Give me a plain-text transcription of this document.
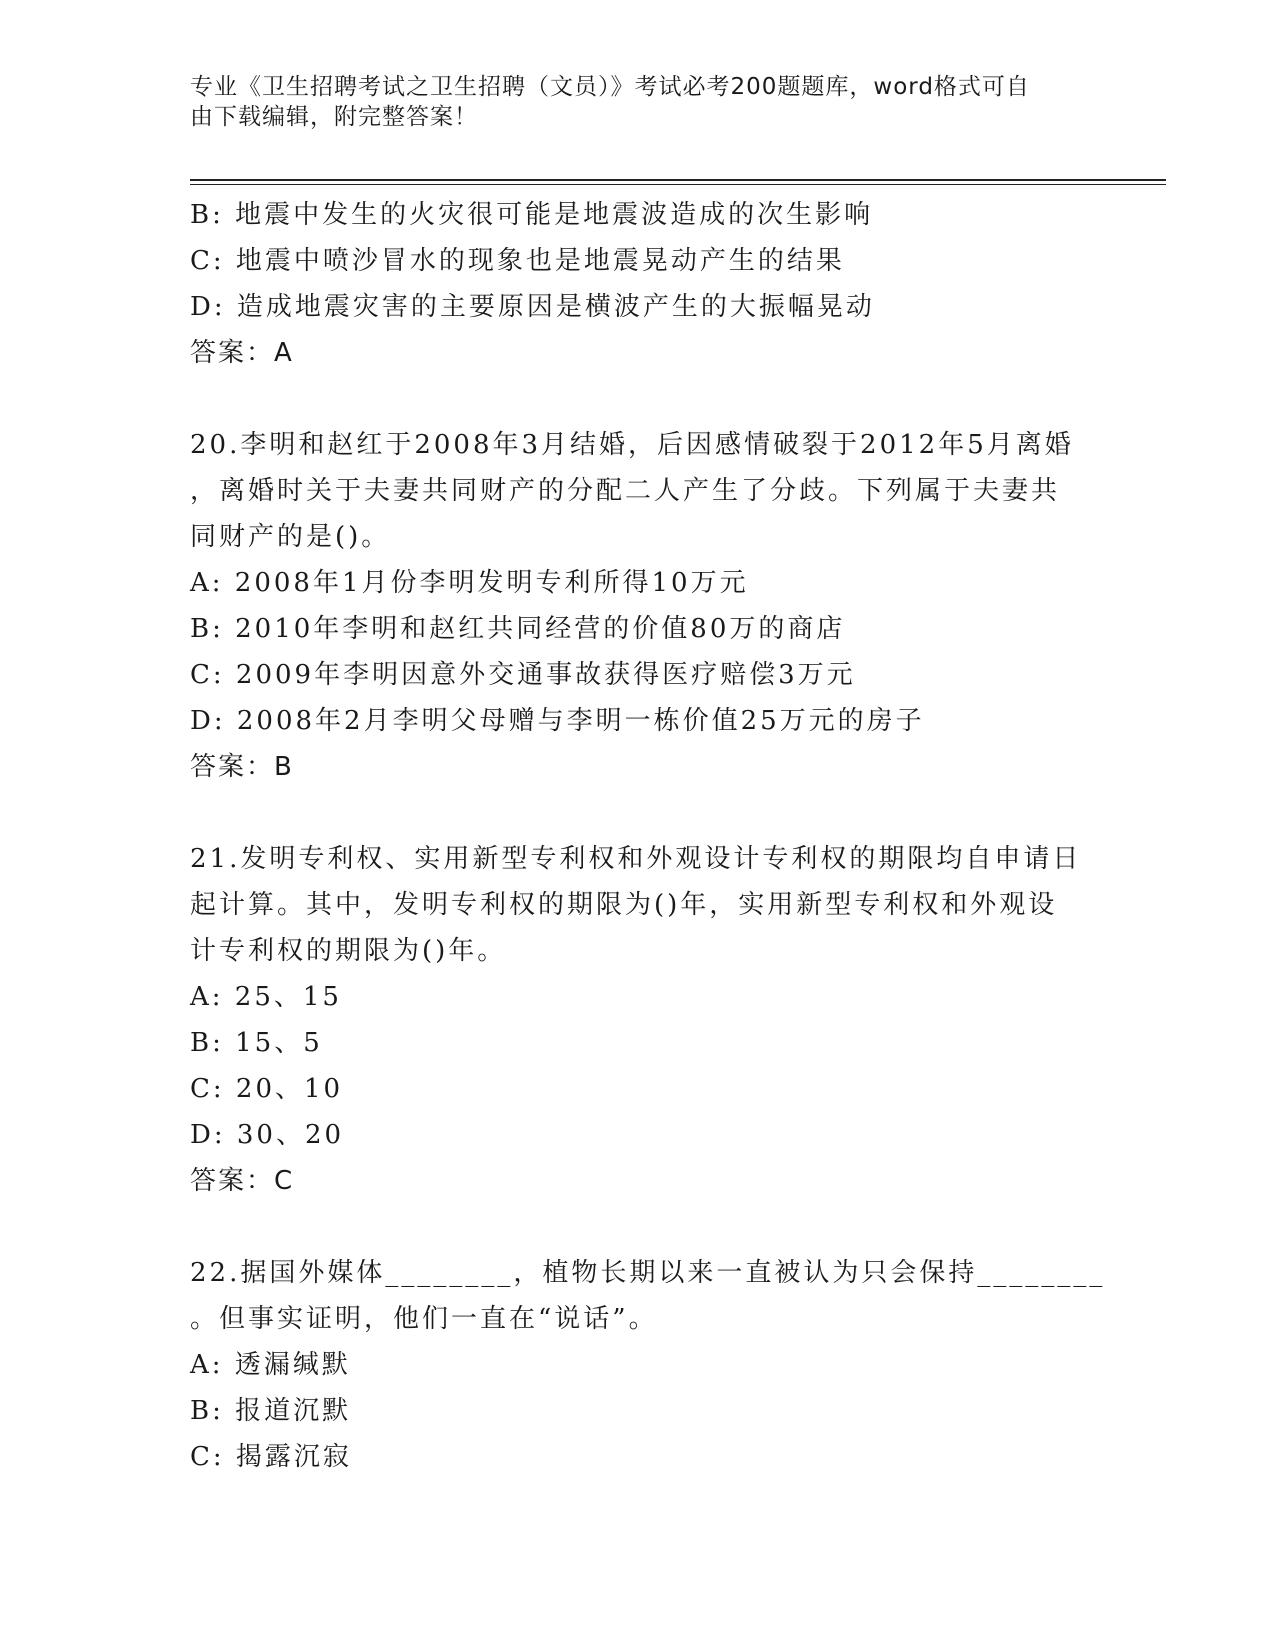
专业《卫生招聘考试之卫生招聘（文员）》考试必考200题题库，word格式可自
由下载编辑，附完整答案！
B: 地震中发生的火灾很可能是地震波造成的次生影响
C: 地震中喷沙冒水的现象也是地震晃动产生的结果
D: 造成地震灾害的主要原因是横波产生的大振幅晃动
答案：A
20.李明和赵红于2008年3月结婚，后因感情破裂于2012年5月离婚
，离婚时关于夫妻共同财产的分配二人产生了分歧。下列属于夫妻共
同财产的是()。
A: 2008年1月份李明发明专利所得10万元
B: 2010年李明和赵红共同经营的价值80万的商店
C: 2009年李明因意外交通事故获得医疗赔偿3万元
D: 2008年2月李明父母赠与李明一栋价值25万元的房子
答案：B
21.发明专利权、实用新型专利权和外观设计专利权的期限均自申请日
起计算。其中，发明专利权的期限为()年，实用新型专利权和外观设
计专利权的期限为()年。
A: 25、15
B: 15、5
C: 20、10
D: 30、20
答案：C
22.据国外媒体________，植物长期以来一直被认为只会保持________
。但事实证明，他们一直在“说话”。
A: 透漏缄默
B: 报道沉默
C: 揭露沉寂
